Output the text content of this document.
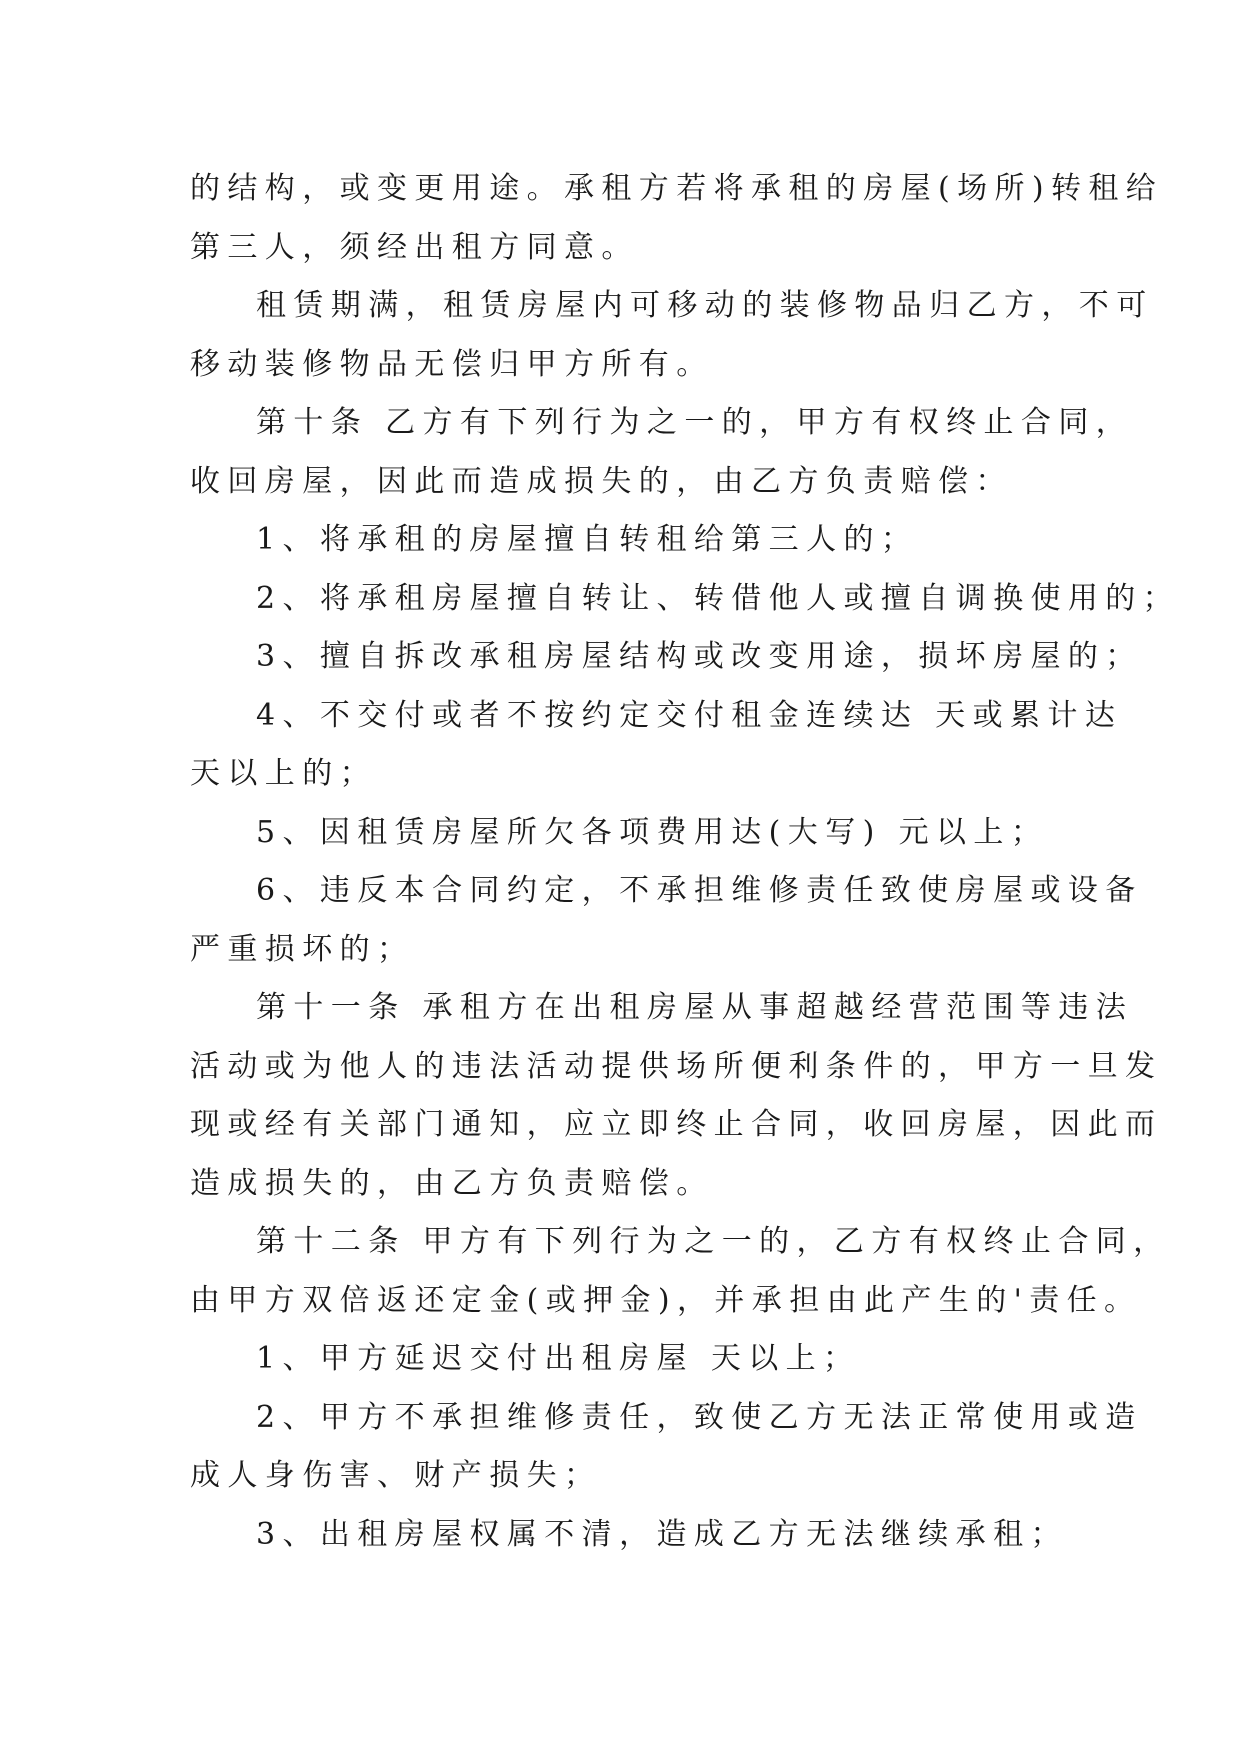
的结构，或变更用途。承租方若将承租的房屋(场所)转租给
第三人，须经出租方同意。
租赁期满，租赁房屋内可移动的装修物品归乙方，不可
移动装修物品无偿归甲方所有。
第十条 乙方有下列行为之一的，甲方有权终止合同，
收回房屋，因此而造成损失的，由乙方负责赔偿：
1、将承租的房屋擅自转租给第三人的；
2、将承租房屋擅自转让、转借他人或擅自调换使用的；
3、擅自拆改承租房屋结构或改变用途，损坏房屋的；
4、不交付或者不按约定交付租金连续达 天或累计达
天以上的；
5、因租赁房屋所欠各项费用达(大写) 元以上；
6、违反本合同约定，不承担维修责任致使房屋或设备
严重损坏的；
第十一条 承租方在出租房屋从事超越经营范围等违法
活动或为他人的违法活动提供场所便利条件的，甲方一旦发
现或经有关部门通知，应立即终止合同，收回房屋，因此而
造成损失的，由乙方负责赔偿。
第十二条 甲方有下列行为之一的，乙方有权终止合同，
由甲方双倍返还定金(或押金)，并承担由此产生的'责任。
1、甲方延迟交付出租房屋 天以上；
2、甲方不承担维修责任，致使乙方无法正常使用或造
成人身伤害、财产损失；
3、出租房屋权属不清，造成乙方无法继续承租；
